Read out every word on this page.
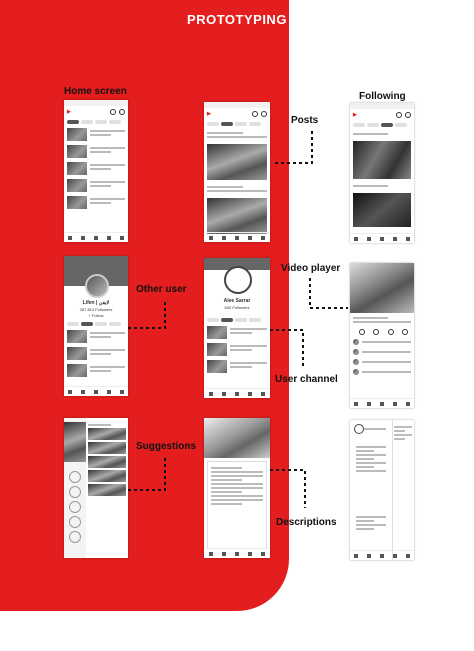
PROTOTYPING
Home screen	Following
Posts
Other user
Video player
User channel
Suggestions
Descriptions
▶	▶	▶
Lifen | لايفن
287 813 Followers
+ Follow
Alee Sarrar
600 Followers
